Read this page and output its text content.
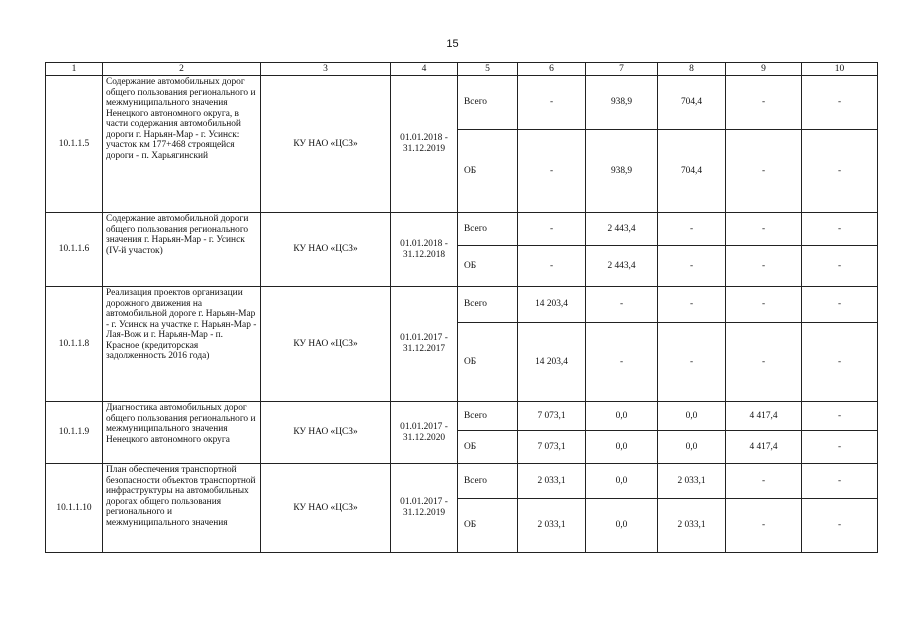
15
1	2	3	4	5	6	7	8	9	10
10.1.1.5	Содержание автомобильных дорог общего пользования регионального и межмуниципального значения Ненецкого автономного округа, в части содержания автомобильной дороги г. Нарьян-Мар - г. Усинск: участок км 177+468 строящейся дороги - п. Харьягинский	КУ НАО «ЦСЗ»	01.01.2018 - 31.12.2019	Всего	-	938,9	704,4	-	-
				ОБ	-	938,9	704,4	-	-
10.1.1.6	Содержание автомобильной дороги общего пользования регионального значения г. Нарьян-Мар - г. Усинск (IV-й участок)	КУ НАО «ЦСЗ»	01.01.2018 - 31.12.2018	Всего	-	2 443,4	-	-	-
				ОБ	-	2 443,4	-	-	-
10.1.1.8	Реализация проектов организации дорожного движения на автомобильной дороге г. Нарьян-Мар - г. Усинск на участке г. Нарьян-Мар - Лая-Вож и г. Нарьян-Мар - п. Красное (кредиторская задолженность 2016 года)	КУ НАО «ЦСЗ»	01.01.2017 - 31.12.2017	Всего	14 203,4	-	-	-	-
				ОБ	14 203,4	-	-	-	-
10.1.1.9	Диагностика автомобильных дорог общего пользования регионального и межмуниципального значения Ненецкого автономного округа	КУ НАО «ЦСЗ»	01.01.2017 - 31.12.2020	Всего	7 073,1	0,0	0,0	4 417,4	-
				ОБ	7 073,1	0,0	0,0	4 417,4	-
10.1.1.10	План обеспечения транспортной безопасности объектов транспортной инфраструктуры на автомобильных дорогах общего пользования регионального и межмуниципального значения	КУ НАО «ЦСЗ»	01.01.2017 - 31.12.2019	Всего	2 033,1	0,0	2 033,1	-	-
				ОБ	2 033,1	0,0	2 033,1	-	-
